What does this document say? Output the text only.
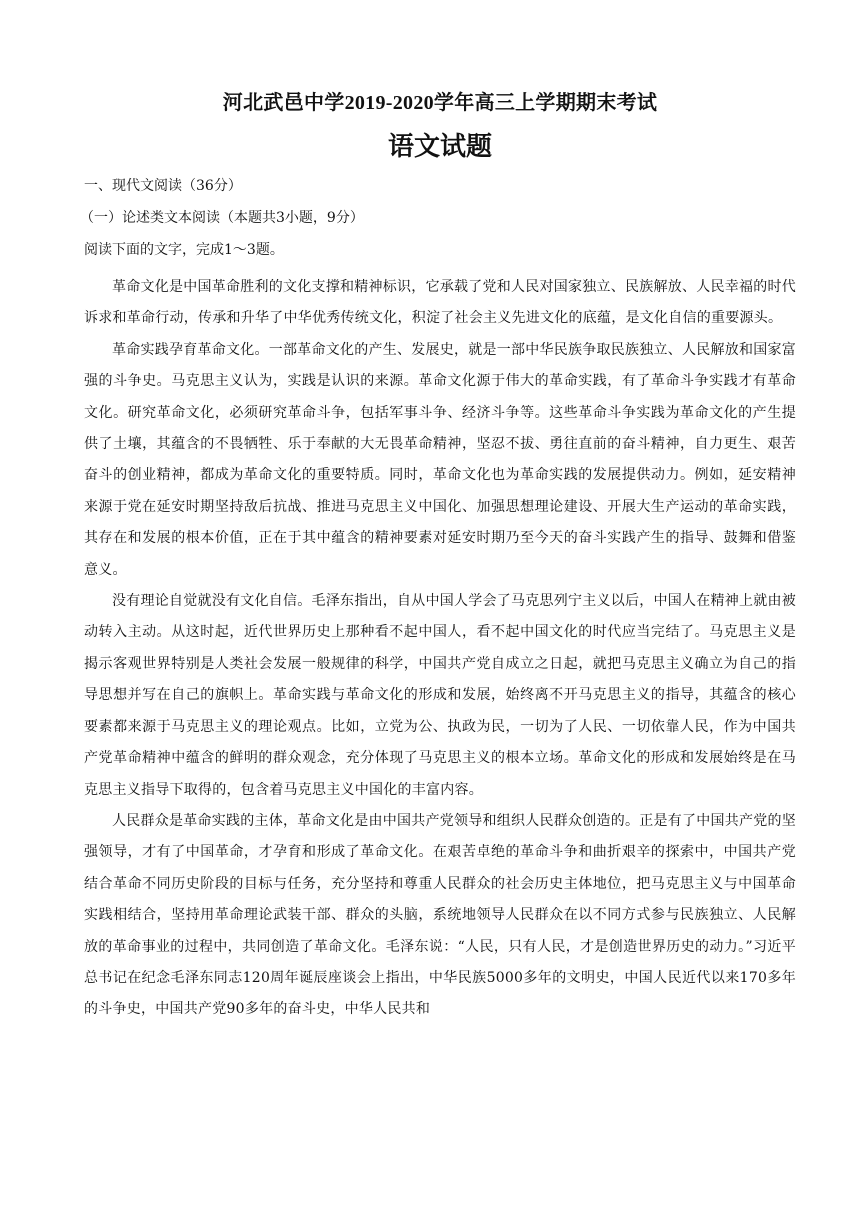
河北武邑中学2019-2020学年高三上学期期末考试
语文试题
一、现代文阅读（36分）
（一）论述类文本阅读（本题共3小题，9分）
阅读下面的文字，完成1～3题。

革命文化是中国革命胜利的文化支撑和精神标识，它承载了党和人民对国家独立、民族解放、人民幸福的时代诉求和革命行动，传承和升华了中华优秀传统文化，积淀了社会主义先进文化的底蕴，是文化自信的重要源头。

革命实践孕育革命文化。一部革命文化的产生、发展史，就是一部中华民族争取民族独立、人民解放和国家富强的斗争史。马克思主义认为，实践是认识的来源。革命文化源于伟大的革命实践，有了革命斗争实践才有革命文化。研究革命文化，必须研究革命斗争，包括军事斗争、经济斗争等。这些革命斗争实践为革命文化的产生提供了土壤，其蕴含的不畏牺牲、乐于奉献的大无畏革命精神，坚忍不拔、勇往直前的奋斗精神，自力更生、艰苦奋斗的创业精神，都成为革命文化的重要特质。同时，革命文化也为革命实践的发展提供动力。例如，延安精神来源于党在延安时期坚持敌后抗战、推进马克思主义中国化、加强思想理论建设、开展大生产运动的革命实践，其存在和发展的根本价值，正在于其中蕴含的精神要素对延安时期乃至今天的奋斗实践产生的指导、鼓舞和借鉴意义。

没有理论自觉就没有文化自信。毛泽东指出，自从中国人学会了马克思列宁主义以后，中国人在精神上就由被动转入主动。从这时起，近代世界历史上那种看不起中国人，看不起中国文化的时代应当完结了。马克思主义是揭示客观世界特别是人类社会发展一般规律的科学，中国共产党自成立之日起，就把马克思主义确立为自己的指导思想并写在自己的旗帜上。革命实践与革命文化的形成和发展，始终离不开马克思主义的指导，其蕴含的核心要素都来源于马克思主义的理论观点。比如，立党为公、执政为民，一切为了人民、一切依靠人民，作为中国共产党革命精神中蕴含的鲜明的群众观念，充分体现了马克思主义的根本立场。革命文化的形成和发展始终是在马克思主义指导下取得的，包含着马克思主义中国化的丰富内容。

人民群众是革命实践的主体，革命文化是由中国共产党领导和组织人民群众创造的。正是有了中国共产党的坚强领导，才有了中国革命，才孕育和形成了革命文化。在艰苦卓绝的革命斗争和曲折艰辛的探索中，中国共产党结合革命不同历史阶段的目标与任务，充分坚持和尊重人民群众的社会历史主体地位，把马克思主义与中国革命实践相结合，坚持用革命理论武装干部、群众的头脑，系统地领导人民群众在以不同方式参与民族独立、人民解放的革命事业的过程中，共同创造了革命文化。毛泽东说：“人民，只有人民，才是创造世界历史的动力。”习近平总书记在纪念毛泽东同志120周年诞辰座谈会上指出，中华民族5000多年的文明史，中国人民近代以来170多年的斗争史，中国共产党90多年的奋斗史，中华人民共和
